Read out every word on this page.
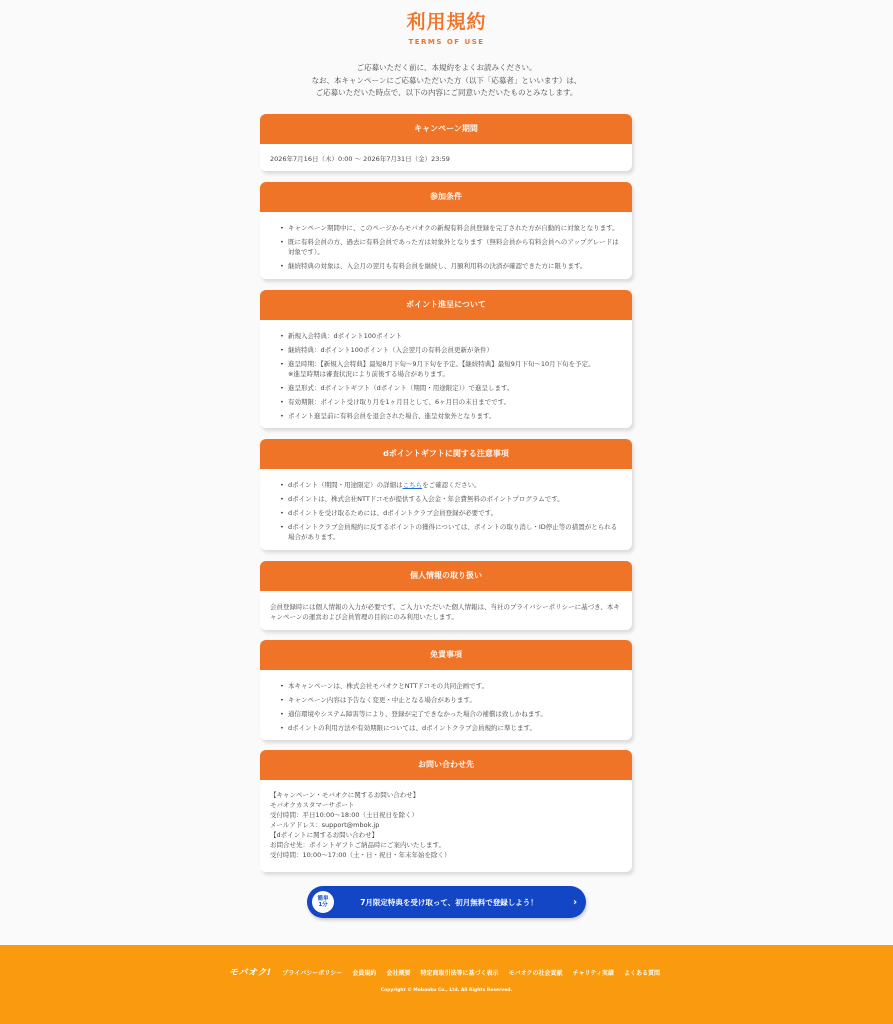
利用規約
TERMS OF USE
ご応募いただく前に、本規約をよくお読みください。
なお、本キャンペーンにご応募いただいた方（以下「応募者」といいます）は、
ご応募いただいた時点で、以下の内容にご同意いただいたものとみなします。
キャンペーン期間

2026年7月16日（木）0:00 ～ 2026年7月31日（金）23:59

参加条件
• キャンペーン期間中に、このページからモバオクの新規有料会員登録を完了された方が自動的に対象となります。
• 既に有料会員の方、過去に有料会員であった方は対象外となります（無料会員から有料会員へのアップグレードは対象です）。
• 継続特典の対象は、入会月の翌月も有料会員を継続し、月額利用料の決済が確認できた方に限ります。
ポイント進呈について
• 新規入会特典：dポイント100ポイント
• 継続特典：dポイント100ポイント（入会翌月の有料会員更新が条件）
• 進呈時期：【新規入会特典】最短8月下旬～9月下旬を予定。【継続特典】最短9月下旬～10月下旬を予定。
※進呈時期は審査状況により前後する場合があります。
• 進呈形式：dポイントギフト（dポイント（期間・用途限定））で進呈します。
• 有効期限：ポイント受け取り月を1ヶ月目として、6ヶ月目の末日までです。
• ポイント進呈前に有料会員を退会された場合、進呈対象外となります。
dポイントギフトに関する注意事項
• dポイント（期間・用途限定）の詳細はこちらをご確認ください。
• dポイントは、株式会社NTTドコモが提供する入会金・年会費無料のポイントプログラムです。
• dポイントを受け取るためには、dポイントクラブ会員登録が必要です。
• dポイントクラブ会員規約に反するポイントの獲得については、ポイントの取り消し・ID停止等の措置がとられる場合があります。
個人情報の取り扱い

会員登録時には個人情報の入力が必要です。ご入力いただいた個人情報は、当社のプライバシーポリシーに基づき、本キャンペーンの運営および会員管理の目的にのみ利用いたします。

免責事項
• 本キャンペーンは、株式会社モバオクとNTTドコモの共同企画です。
• キャンペーン内容は予告なく変更・中止となる場合があります。
• 通信環境やシステム障害等により、登録が完了できなかった場合の補償は致しかねます。
• dポイントの利用方法や有効期限については、dポイントクラブ会員規約に準じます。
お問い合わせ先

【キャンペーン・モバオクに関するお問い合わせ】

モバオクカスタマーサポート

受付時間：平日10:00～18:00（土日祝日を除く）

メールアドレス：support@mbok.jp

【dポイントに関するお問い合わせ】

お問合せ先：ポイントギフトご納品時にご案内いたします。

受付時間：10:00～17:00（土・日・祝日・年末年始を除く）

簡単
1分	7月限定特典を受け取って、初月無料で登録しよう！	›
モバオク! プライバシーポリシー 会員規約 会社概要 特定商取引法等に基づく表示 モバオクの社会貢献 チャリティ実績 よくある質問
Copyright © Mobaoku Co., Ltd. All Rights Reserved.
